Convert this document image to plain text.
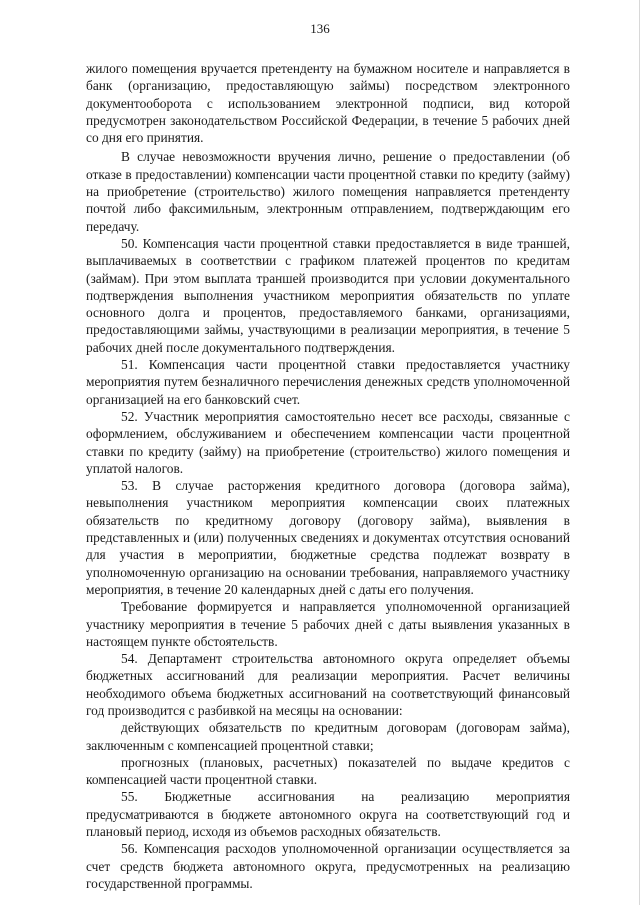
136

жилого помещения вручается претенденту на бумажном носителе и направляется в банк (организацию, предоставляющую займы) посредством электронного документооборота с использованием электронной подписи, вид которой предусмотрен законодательством Российской Федерации, в течение 5 рабочих дней со дня его принятия.

В случае невозможности вручения лично, решение о предоставлении (об отказе в предоставлении) компенсации части процентной ставки по кредиту (займу) на приобретение (строительство) жилого помещения направляется претенденту почтой либо факсимильным, электронным отправлением, подтверждающим его передачу.

50. Компенсация части процентной ставки предоставляется в виде траншей, выплачиваемых в соответствии с графиком платежей процентов по кредитам (займам). При этом выплата траншей производится при условии документального подтверждения выполнения участником мероприятия обязательств по уплате основного долга и процентов, предоставляемого банками, организациями, предоставляющими займы, участвующими в реализации мероприятия, в течение 5 рабочих дней после документального подтверждения.

51. Компенсация части процентной ставки предоставляется участнику мероприятия путем безналичного перечисления денежных средств уполномоченной организацией на его банковский счет.

52. Участник мероприятия самостоятельно несет все расходы, связанные с оформлением, обслуживанием и обеспечением компенсации части процентной ставки по кредиту (займу) на приобретение (строительство) жилого помещения и уплатой налогов.

53. В случае расторжения кредитного договора (договора займа), невыполнения участником мероприятия компенсации своих платежных обязательств по кредитному договору (договору займа), выявления в представленных и (или) полученных сведениях и документах отсутствия оснований для участия в мероприятии, бюджетные средства подлежат возврату в уполномоченную организацию на основании требования, направляемого участнику мероприятия, в течение 20 календарных дней с даты его получения.

Требование формируется и направляется уполномоченной организацией участнику мероприятия в течение 5 рабочих дней с даты выявления указанных в настоящем пункте обстоятельств.

54. Департамент строительства автономного округа определяет объемы бюджетных ассигнований для реализации мероприятия. Расчет величины необходимого объема бюджетных ассигнований на соответствующий финансовый год производится с разбивкой на месяцы на основании:

действующих обязательств по кредитным договорам (договорам займа), заключенным с компенсацией процентной ставки;

прогнозных (плановых, расчетных) показателей по выдаче кредитов с компенсацией части процентной ставки.

55. Бюджетные ассигнования на реализацию мероприятия предусматриваются в бюджете автономного округа на соответствующий год и плановый период, исходя из объемов расходных обязательств.

56. Компенсация расходов уполномоченной организации осуществляется за счет средств бюджета автономного округа, предусмотренных на реализацию государственной программы.
